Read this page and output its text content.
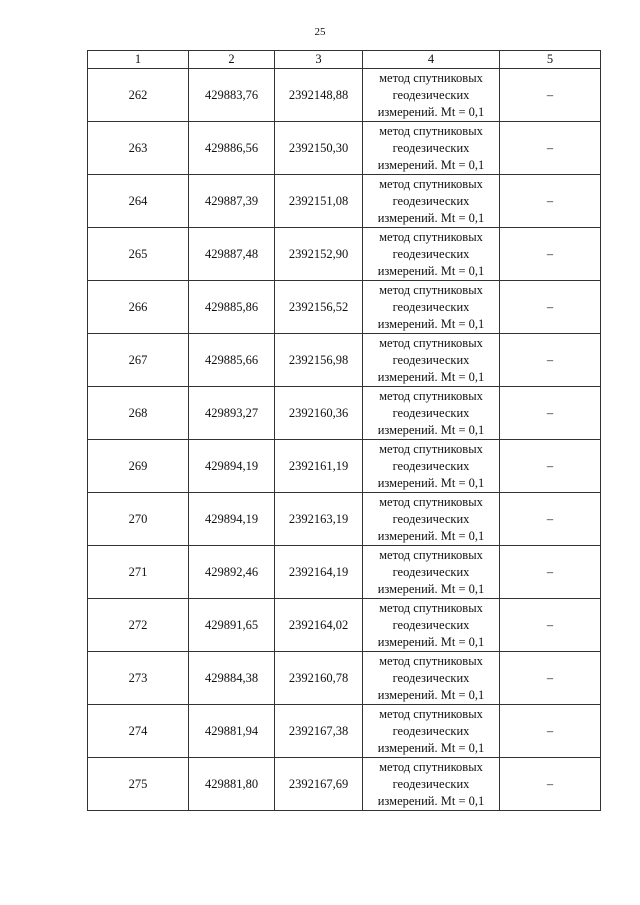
25
1	2	3	4	5
262	429883,76	2392148,88	метод спутниковых
геодезических
измерений. Mt = 0,1	–
263	429886,56	2392150,30	метод спутниковых
геодезических
измерений. Mt = 0,1	–
264	429887,39	2392151,08	метод спутниковых
геодезических
измерений. Mt = 0,1	–
265	429887,48	2392152,90	метод спутниковых
геодезических
измерений. Mt = 0,1	–
266	429885,86	2392156,52	метод спутниковых
геодезических
измерений. Mt = 0,1	–
267	429885,66	2392156,98	метод спутниковых
геодезических
измерений. Mt = 0,1	–
268	429893,27	2392160,36	метод спутниковых
геодезических
измерений. Mt = 0,1	–
269	429894,19	2392161,19	метод спутниковых
геодезических
измерений. Mt = 0,1	–
270	429894,19	2392163,19	метод спутниковых
геодезических
измерений. Mt = 0,1	–
271	429892,46	2392164,19	метод спутниковых
геодезических
измерений. Mt = 0,1	–
272	429891,65	2392164,02	метод спутниковых
геодезических
измерений. Mt = 0,1	–
273	429884,38	2392160,78	метод спутниковых
геодезических
измерений. Mt = 0,1	–
274	429881,94	2392167,38	метод спутниковых
геодезических
измерений. Mt = 0,1	–
275	429881,80	2392167,69	метод спутниковых
геодезических
измерений. Mt = 0,1	–
